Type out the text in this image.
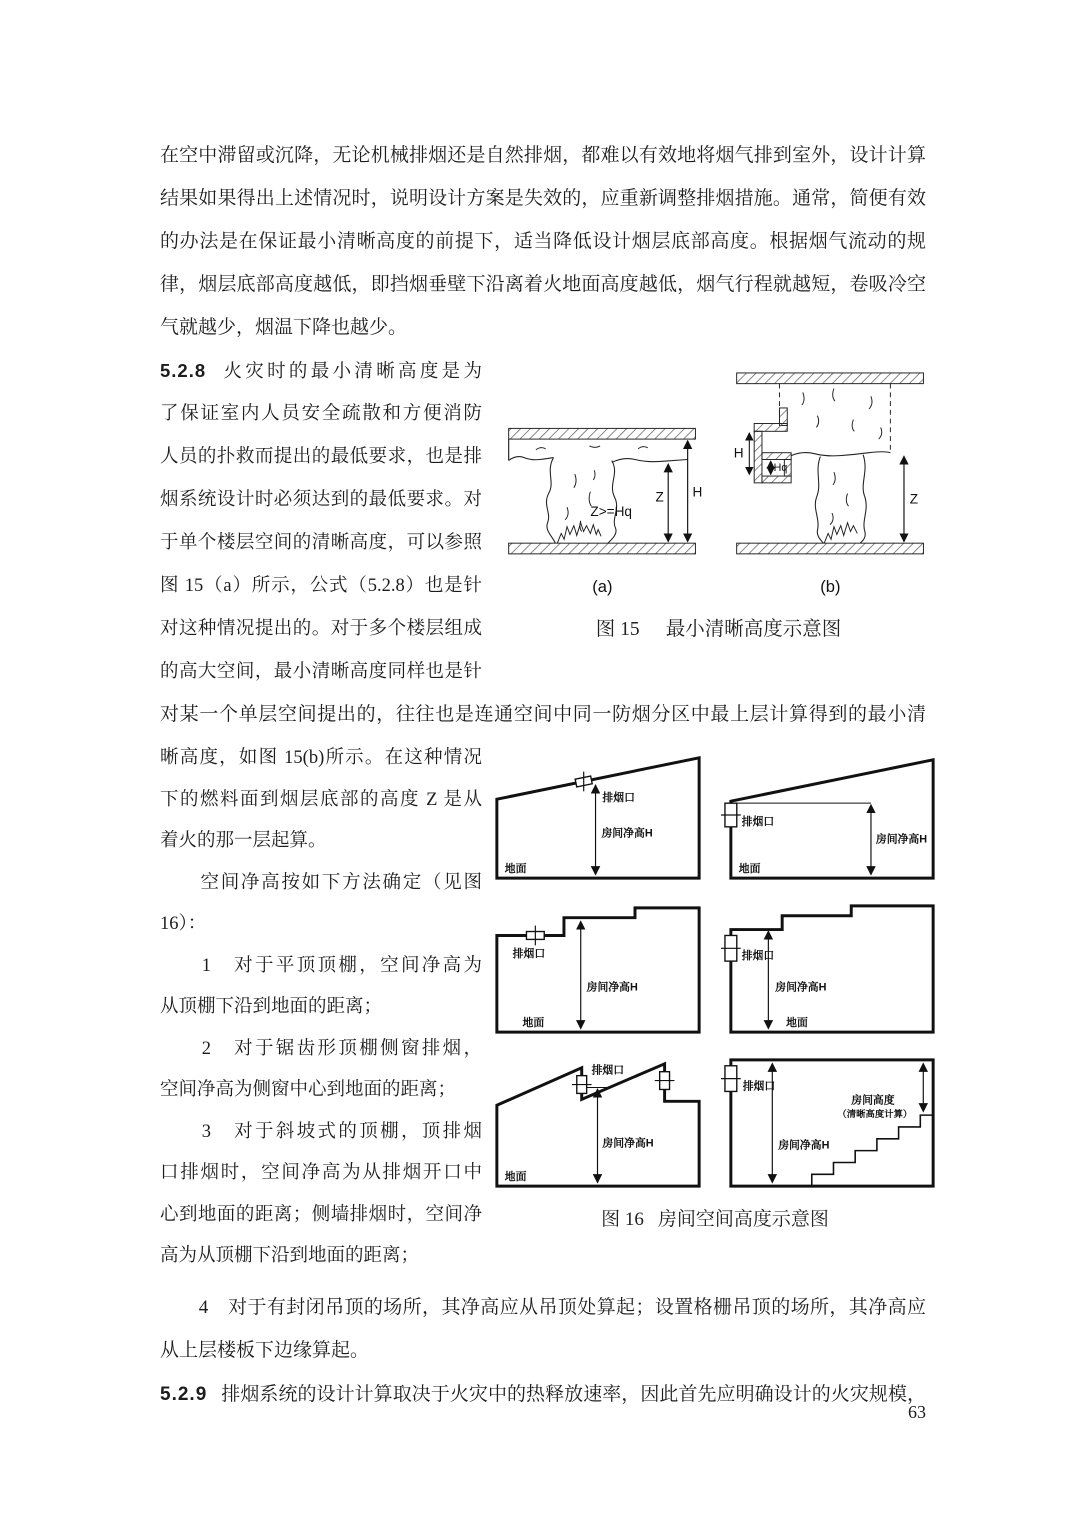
在空中滞留或沉降，无论机械排烟还是自然排烟，都难以有效地将烟气排到室外，设计计算
结果如果得出上述情况时，说明设计方案是失效的，应重新调整排烟措施。通常，简便有效
的办法是在保证最小清晰高度的前提下，适当降低设计烟层底部高度。根据烟气流动的规
律，烟层底部高度越低，即挡烟垂壁下沿离着火地面高度越低，烟气行程就越短，卷吸冷空
气就越少，烟温下降也越少。
5.2.8 火灾时的最小清晰高度是为
了保证室内人员安全疏散和方便消防
人员的扑救而提出的最低要求，也是排
烟系统设计时必须达到的最低要求。对
于单个楼层空间的清晰高度，可以参照
图 15（a）所示，公式（5.2.8）也是针
对这种情况提出的。对于多个楼层组成
的高大空间，最小清晰高度同样也是针
对某一个单层空间提出的，往往也是连通空间中同一防烟分区中最上层计算得到的最小清
晰高度，如图 15(b)所示。在这种情况
下的燃料面到烟层底部的高度 Z 是从
着火的那一层起算。
　　空间净高按如下方法确定（见图
16）：
　　1　对于平顶顶棚，空间净高为
从顶棚下沿到地面的距离；
　　2　对于锯齿形顶棚侧窗排烟，
空间净高为侧窗中心到地面的距离；
　　3　对于斜坡式的顶棚，顶排烟
口排烟时，空间净高为从排烟开口中
心到地面的距离；侧墙排烟时，空间净
高为从顶棚下沿到地面的距离；
　　4　对于有封闭吊顶的场所，其净高应从吊顶处算起；设置格栅吊顶的场所，其净高应
从上层楼板下边缘算起。
5.2.9 排烟系统的设计计算取决于火灾中的热释放速率，因此首先应明确设计的火灾规模，
63
Z H
Z>=Hq
(a)
H
Hq
Z
(b)
图 15 最小清晰高度示意图
排烟口
房间净高H
地面
排烟口
房间净高H
地面
排烟口
房间净高H
地面
排烟口
房间净高H
地面
排烟口
房间净高H
地面
排烟口
房间净高H
房间高度
（清晰高度计算）
图 16 房间空间高度示意图
